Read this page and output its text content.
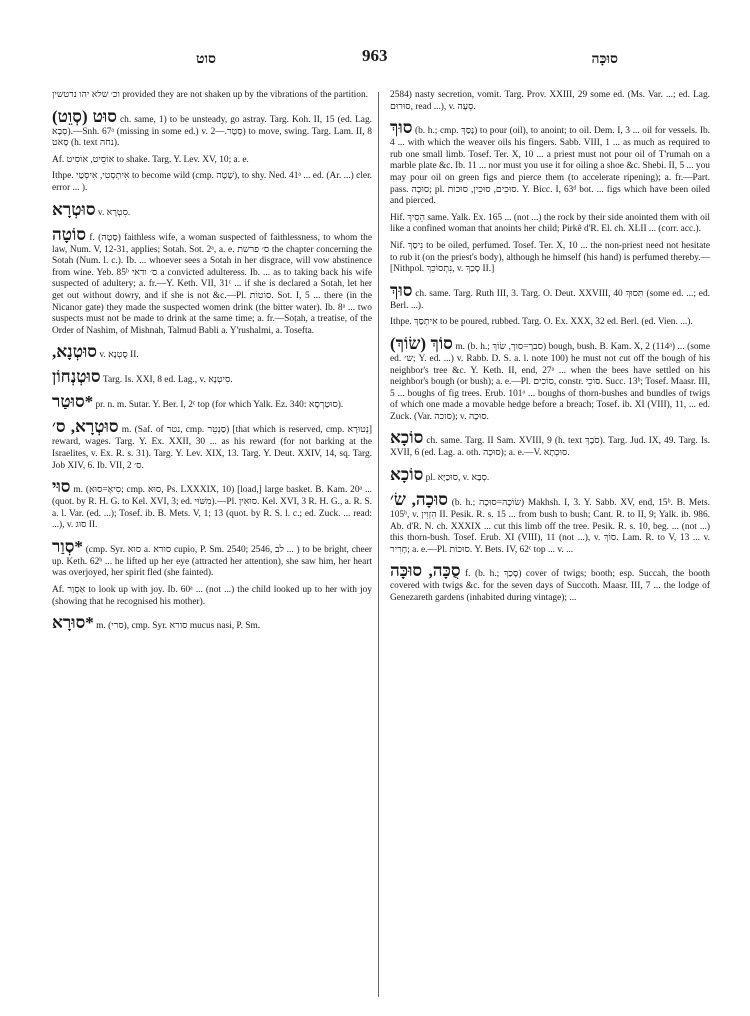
סוט	963	סוּכָּה

וכ׳ שלא יהו נרטשין provided they are not shaken up by the vibrations of the partition.

סוּט (סְוֵט) ch. same, 1) to be unsteady, go astray. Targ. Koh. II, 15 (ed. Lag. סְבָא).—Snh. 67ᵃ (missing in some ed.) v. סְטָר.—2) to move, swing. Targ. Lam. II, 8 סָאט (h. text נחה).

Af. אוֹסֵיט, אוֹסִיט to shake. Targ. Y. Lev. XV, 10; a. e.

Ithpe. אִיתְסְטִי, אִיסְטַי to become wild (cmp. שָׁטָה), to shy. Ned. 41ᵃ ... ed. (Ar. ...) cler. error ... ).

סוּטְרָא v. סִטְרָא.

סוֹטָה f. (סָטָה) faithless wife, a woman suspected of faithlessness, to whom the law, Num. V, 12-31, applies; Sotah. Sot. 2ᵃ, a. e. ס׳ פרשת the chapter concerning the Sotah (Num. l. c.). Ib. ... whoever sees a Sotah in her disgrace, will vow abstinence from wine. Yeb. 85ᵇ ס׳ ודאי a convicted adulteress. Ib. ... as to taking back his wife suspected of adultery; a. fr.—Y. Keth. VII, 31ᶜ ... if she is declared a Sotah, let her get out without dowry, and if she is not &c.—Pl. סוֹטוֹת. Sot. I, 5 ... there (in the Nicanor gate) they made the suspected women drink (the bitter water). Ib. 8ᵃ ... two suspects must not be made to drink at the same time; a. fr.—Soṭah, a treatise, of the Order of Nashim, of Mishnah, Talmud Babli a. Y'rushalmi, a. Tosefta.

סוּטְנָא, v. סֻטְנָא II.

סוּטְנְחוֹן Targ. Is. XXI, 8 ed. Lag., v. סִיטְנָא.

*סוּטַר pr. n. m. Sutar. Y. Ber. I, 2ᶜ top (for which Yalk. Ez. 340: סוּטַרְסָא).

סוּטְרָא, ס׳ m. (Saf. of נטר, cmp. סַנְטֵר) [that which is reserved, cmp. נְטוּרָא] reward, wages. Targ. Y. Ex. XXII, 30 ... as his reward (for not barking at the Israelites, v. Ex. R. s. 31). Targ. Y. Lev. XIX, 13. Targ. Y. Deut. XXIV, 14, sq. Targ. Job XIV, 6. Ib. VII, 2 ס׳.

סוּי m. (סִיאָ=סוּא; cmp. סוּא, Ps. LXXXIX, 10) [load,] large basket. B. Kam. 20ᵃ ... (quot. by R. H. G. to Kel. XVI, 3; ed. מִשֹּׁוּי).—Pl. סוּאִין. Kel. XVI, 3 R. H. G., a. R. S. a. l. Var. (ed. ...); Tosef. ib. B. Mets. V, 1; 13 (quot. by R. S. l. c.; ed. Zuck. ... read: ...), v. סוּג II.

*סְוַר (cmp. Syr. סוא a. סורא cupio, P. Sm. 2540; 2546, לב ... ) to be bright, cheer up. Keth. 62ᵇ ... he lifted up her eye (attracted her attention), she saw him, her heart was overjoyed, her spirit fled (she fainted).

Af. אַסְוַר to look up with joy. Ib. 60ᵃ ... (not ...) the child looked up to her with joy (showing that he recognised his mother).

*סוּרָא m. (סרי), cmp. Syr. סורא mucus nasi, P. Sm.

2584) nasty secretion, vomit. Targ. Prov. XXIII, 29 some ed. (Ms. Var. ...; ed. Lag. סוּרוּם, read ...), v. סְעָה.

סוּךְ (b. h.; cmp. נָסַךְ) to pour (oil), to anoint; to oil. Dem. I, 3 ... oil for vessels. Ib. 4 ... with which the weaver oils his fingers. Sabb. VIII, 1 ... as much as required to rub one small limb. Tosef. Ter. X, 10 ... a priest must not pour oil of T'rumah on a marble plate &c. Ib. 11 ... nor must you use it for oiling a shoe &c. Shebi. II, 5 ... you may pour oil on green figs and pierce them (to accelerate ripening); a. fr.—Part. pass. סוּכָה; pl. סוּכִים, סוּכִין, סוּכוֹת. Y. Bicc. I, 63ᵈ bot. ... figs which have been oiled and pierced.

Hif. הֵסִיךְ same. Yalk. Ex. 165 ... (not ...) the rock by their side anointed them with oil like a confined woman that anoints her child; Pirkê d'R. El. ch. XLII ... (corr. acc.).

Nif. נִיסַךְ to be oiled, perfumed. Tosef. Ter. X, 10 ... the non-priest need not hesitate to rub it (on the priest's body), although he himself (his hand) is perfumed thereby.—[Nithpol. נִתְסוֹכֵךְ, v. סָכַךְ II.]

סוּךְ ch. same. Targ. Ruth III, 3. Targ. O. Deut. XXVIII, 40 תִּסוּךְ (some ed. ...; ed. Berl. ...).

Ithpe. אִיתְסַךְ to be poured, rubbed. Targ. O. Ex. XXX, 32 ed. Berl. (ed. Vien. ...).

סוֹךְ (שׂוֹךְ) m. (b. h.; סבך=סוך, שׂוֹךְ) bough, bush. B. Kam. X, 2 (114ᵃ) ... (some ed. ש׳; Y. ed. ...) v. Rabb. D. S. a. l. note 100) he must not cut off the bough of his neighbor's tree &c. Y. Keth. II, end, 27ᵃ ... when the bees have settled on his neighbor's bough (or bush); a. e.—Pl. סוֹכִים, constr. סוֹכֵי. Succ. 13ᵇ; Tosef. Maasr. III, 5 ... boughs of fig trees. Erub. 101ᵃ ... boughs of thorn-bushes and bundles of twigs of which one made a movable hedge before a breach; Tosef. ib. XI (VIII), 11, ... ed. Zuck. (Var. סוכה); v. סוּכָה.

סוֹכָא ch. same. Targ. II Sam. XVIII, 9 (h. text סֹבֶךְ). Targ. Jud. IX, 49. Targ. Is. XVII, 6 (ed. Lag. a. oth. סוּכָה); a. e.—V. סוּכְתָא.

סוֹכָא pl. סוּכַיָּא, v. סְבָא.

סוּכָה, שׂ׳ (b. h.; שׂוֹכָה=סוּכָה) Makhsh. I, 3. Y. Sabb. XV, end, 15ᵇ. B. Mets. 105ᵇ, v. הִזְוִין II. Pesik. R. s. 15 ... from bush to bush; Cant. R. to II, 9; Yalk. ib. 986. Ab. d'R. N. ch. XXXIX ... cut this limb off the tree. Pesik. R. s. 10, beg. ... (not ...) this thorn-bush. Tosef. Erub. XI (VIII), 11 (not ...), v. סוֹךְ. Lam. R. to V, 13 ... v. חָרִיר; a. e.—Pl. סוּכוֹת. Y. Bets. IV, 62ᶜ top ... v. ...

סֻכָּה, סוּכָּה f. (b. h.; סָכַךְ) cover of twigs; booth; esp. Succah, the booth covered with twigs &c. for the seven days of Succoth. Maasr. III, 7 ... the lodge of Genezareth gardens (inhabited during vintage); ...
